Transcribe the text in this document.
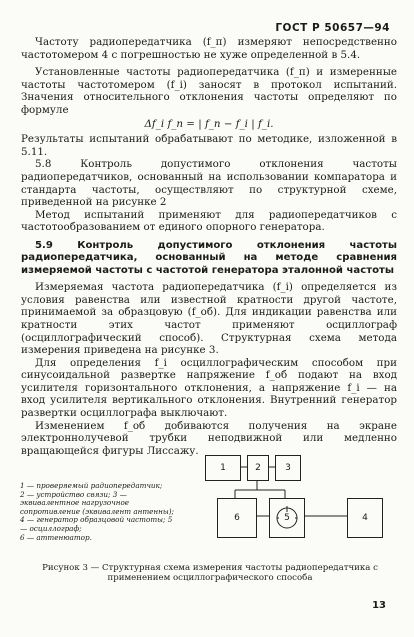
ГОСТ Р 50657—94

Частоту радиопередатчика (f_п) измеряют непосредственно частотомером 4 с погрешностью не хуже определенной в 5.4.

Установленные частоты радиопередатчика (f_п) и измеренные частоты частотомером (f_i) заносят в протокол испытаний. Значения относительного отклонения частоты определяют по формуле

Δf_i f_п = | f_п − f_i | f_i.

Результаты испытаний обрабатывают по методике, изложенной в 5.11.

5.8 Контроль допустимого отклонения частоты радиопередатчиков, основанный на использовании компаратора и стандарта частоты, осуществляют по структурной схеме, приведенной на рисунке 2

Метод испытаний применяют для радиопередатчиков с частотообразованием от единого опорного генератора.

5.9 Контроль допустимого отклонения частоты радиопередатчика, основанный на методе сравнения измеряемой частоты с частотой генератора эталонной частоты

Измеряемая частота радиопередатчика (f_i) определяется из условия равенства или известной кратности другой частоте, принимаемой за образцовую (f_об). Для индикации равенства или кратности этих частот применяют осциллограф (осциллографический способ). Структурная схема метода измерения приведена на рисунке 3.

Для определения f_i осциллографическим способом при синусоидальной развертке напряжение f_об подают на вход усилителя горизонтального отклонения, а напряжение f_i — на вход усилителя вертикального отклонения. Внутренний генератор развертки осциллографа выключают.

Изменением f_об добиваются получения на экране электроннолучевой трубки неподвижной или медленно вращающейся фигуры Лиссажу.

1 — проверяемый радиопередатчик;
2 — устройство связи; 3 — эквивалентное нагрузочное сопротивление (эквивалент антенны); 4 — генератор образцовой частоты; 5 — осциллограф;
6 — аттенюатор.
1	2	3
6	5	4
Рисунок 3 — Структурная схема измерения частоты радиопередатчика с применением осциллографического способа
13
